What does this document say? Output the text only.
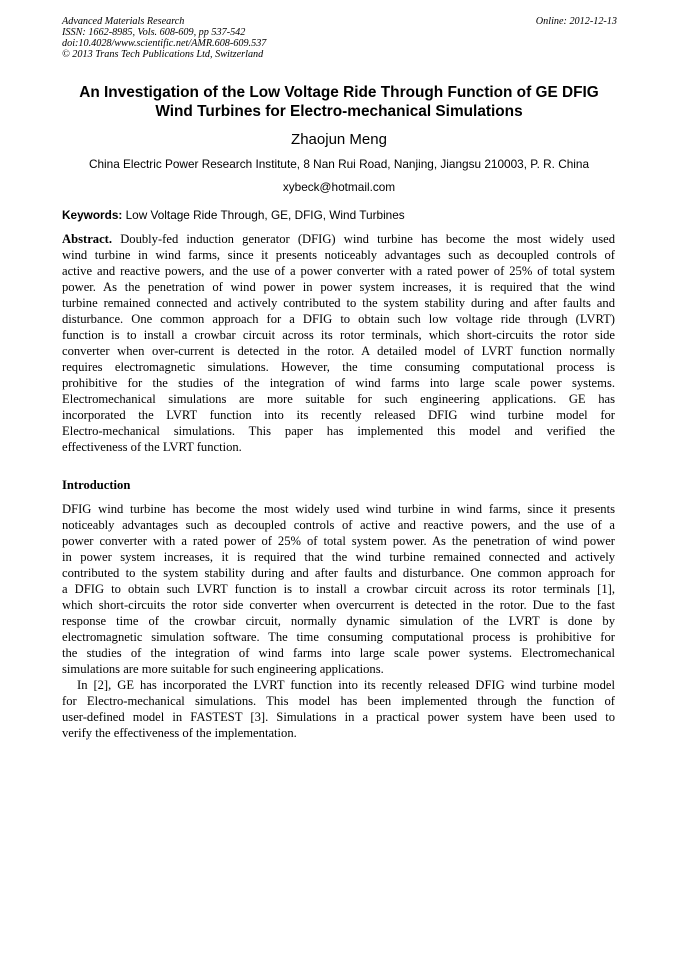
Advanced Materials Research
ISSN: 1662-8985, Vols. 608-609, pp 537-542
doi:10.4028/www.scientific.net/AMR.608-609.537
© 2013 Trans Tech Publications Ltd, Switzerland
Online: 2012-12-13
An Investigation of the Low Voltage Ride Through Function of GE DFIG
Wind Turbines for Electro-mechanical Simulations
Zhaojun Meng
China Electric Power Research Institute, 8 Nan Rui Road, Nanjing, Jiangsu 210003, P. R. China
xybeck@hotmail.com
Keywords: Low Voltage Ride Through, GE, DFIG, Wind Turbines
Abstract. Doubly-fed induction generator (DFIG) wind turbine has become the most widely used
wind turbine in wind farms, since it presents noticeably advantages such as decoupled controls of
active and reactive powers, and the use of a power converter with a rated power of 25% of total system
power. As the penetration of wind power in power system increases, it is required that the wind
turbine remained connected and actively contributed to the system stability during and after faults and
disturbance. One common approach for a DFIG to obtain such low voltage ride through (LVRT)
function is to install a crowbar circuit across its rotor terminals, which short-circuits the rotor side
converter when over-current is detected in the rotor. A detailed model of LVRT function normally
requires electromagnetic simulations. However, the time consuming computational process is
prohibitive for the studies of the integration of wind farms into large scale power systems.
Electromechanical simulations are more suitable for such engineering applications. GE has
incorporated the LVRT function into its recently released DFIG wind turbine model for
Electro-mechanical simulations. This paper has implemented this model and verified the
effectiveness of the LVRT function.
Introduction
DFIG wind turbine has become the most widely used wind turbine in wind farms, since it presents
noticeably advantages such as decoupled controls of active and reactive powers, and the use of a
power converter with a rated power of 25% of total system power. As the penetration of wind power
in power system increases, it is required that the wind turbine remained connected and actively
contributed to the system stability during and after faults and disturbance. One common approach for
a DFIG to obtain such LVRT function is to install a crowbar circuit across its rotor terminals [1],
which short-circuits the rotor side converter when overcurrent is detected in the rotor. Due to the fast
response time of the crowbar circuit, normally dynamic simulation of the LVRT is done by
electromagnetic simulation software. The time consuming computational process is prohibitive for
the studies of the integration of wind farms into large scale power systems. Electromechanical
simulations are more suitable for such engineering applications.
In [2], GE has incorporated the LVRT function into its recently released DFIG wind turbine model
for Electro-mechanical simulations. This model has been implemented through the function of
user-defined model in FASTEST [3]. Simulations in a practical power system have been used to
verify the effectiveness of the implementation.
